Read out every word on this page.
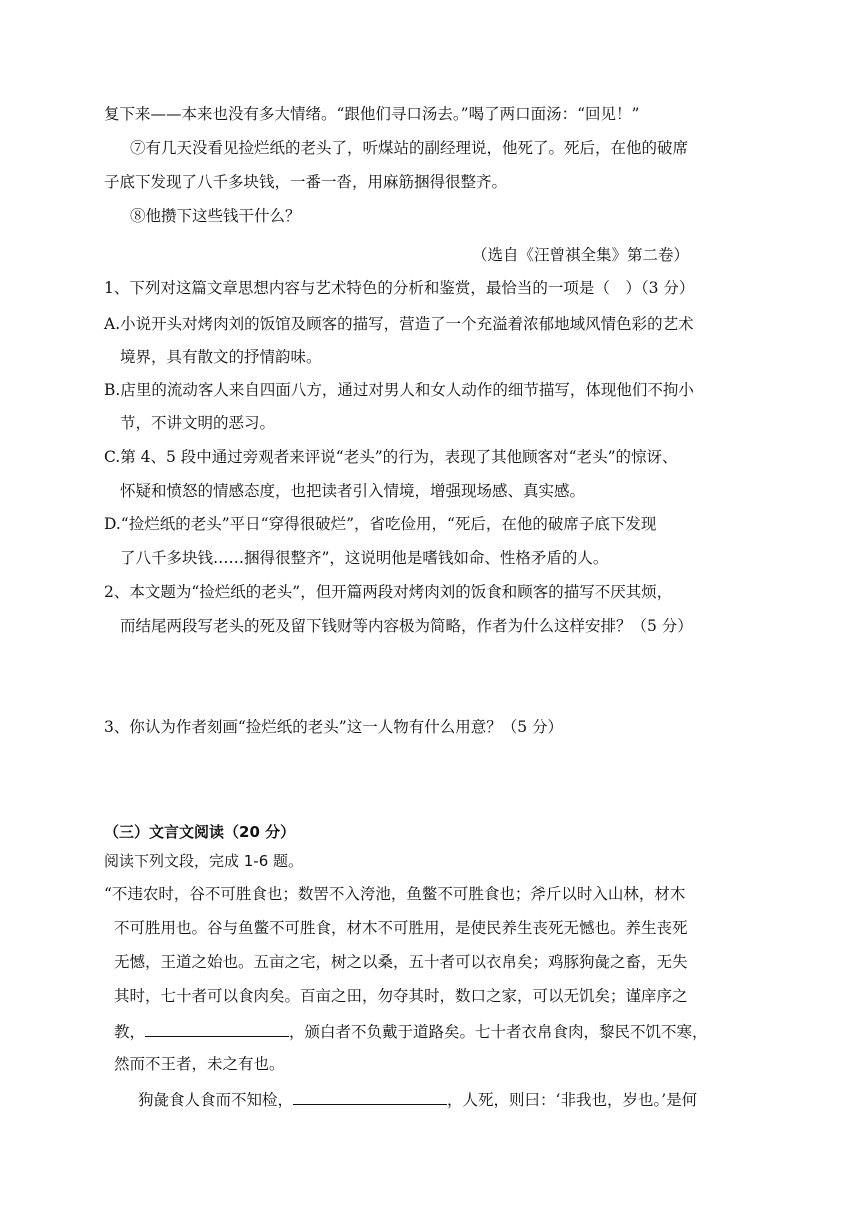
复下来——本来也没有多大情绪。“跟他们寻口汤去。”喝了两口面汤：“回见！”
⑦有几天没看见捡烂纸的老头了，听煤站的副经理说，他死了。死后，在他的破席
子底下发现了八千多块钱，一番一沓，用麻筋捆得很整齐。
⑧他攒下这些钱干什么？
（选自《汪曾祺全集》第二卷）
1、下列对这篇文章思想内容与艺术特色的分析和鉴赏，最恰当的一项是（　）（3 分）
A.小说开头对烤肉刘的饭馆及顾客的描写，营造了一个充溢着浓郁地域风情色彩的艺术
境界，具有散文的抒情韵味。
B.店里的流动客人来自四面八方，通过对男人和女人动作的细节描写，体现他们不拘小
节，不讲文明的恶习。
C.第 4、5 段中通过旁观者来评说“老头”的行为，表现了其他顾客对“老头”的惊讶、
怀疑和愤怒的情感态度，也把读者引入情境，增强现场感、真实感。
D.“捡烂纸的老头”平日“穿得很破烂”，省吃俭用，“死后，在他的破席子底下发现
了八千多块钱……捆得很整齐”，这说明他是嗜钱如命、性格矛盾的人。
2、本文题为“捡烂纸的老头”，但开篇两段对烤肉刘的饭食和顾客的描写不厌其烦，
而结尾两段写老头的死及留下钱财等内容极为简略，作者为什么这样安排？（5 分）
3、你认为作者刻画“捡烂纸的老头”这一人物有什么用意？（5 分）
（三）文言文阅读（20 分）
阅读下列文段，完成 1-6 题。
“不违农时，谷不可胜食也；数罟不入洿池，鱼鳖不可胜食也；斧斤以时入山林，材木
不可胜用也。谷与鱼鳖不可胜食，材木不可胜用，是使民养生丧死无憾也。养生丧死
无憾，王道之始也。五亩之宅，树之以桑，五十者可以衣帛矣；鸡豚狗彘之畜，无失
其时，七十者可以食肉矣。百亩之田，勿夺其时，数口之家，可以无饥矣；谨庠序之
教，	，颁白者不负戴于道路矣。七十者衣帛食肉，黎民不饥不寒，
然而不王者，未之有也。
狗彘食人食而不知检，	，人死，则曰：‘非我也，岁也。’是何
